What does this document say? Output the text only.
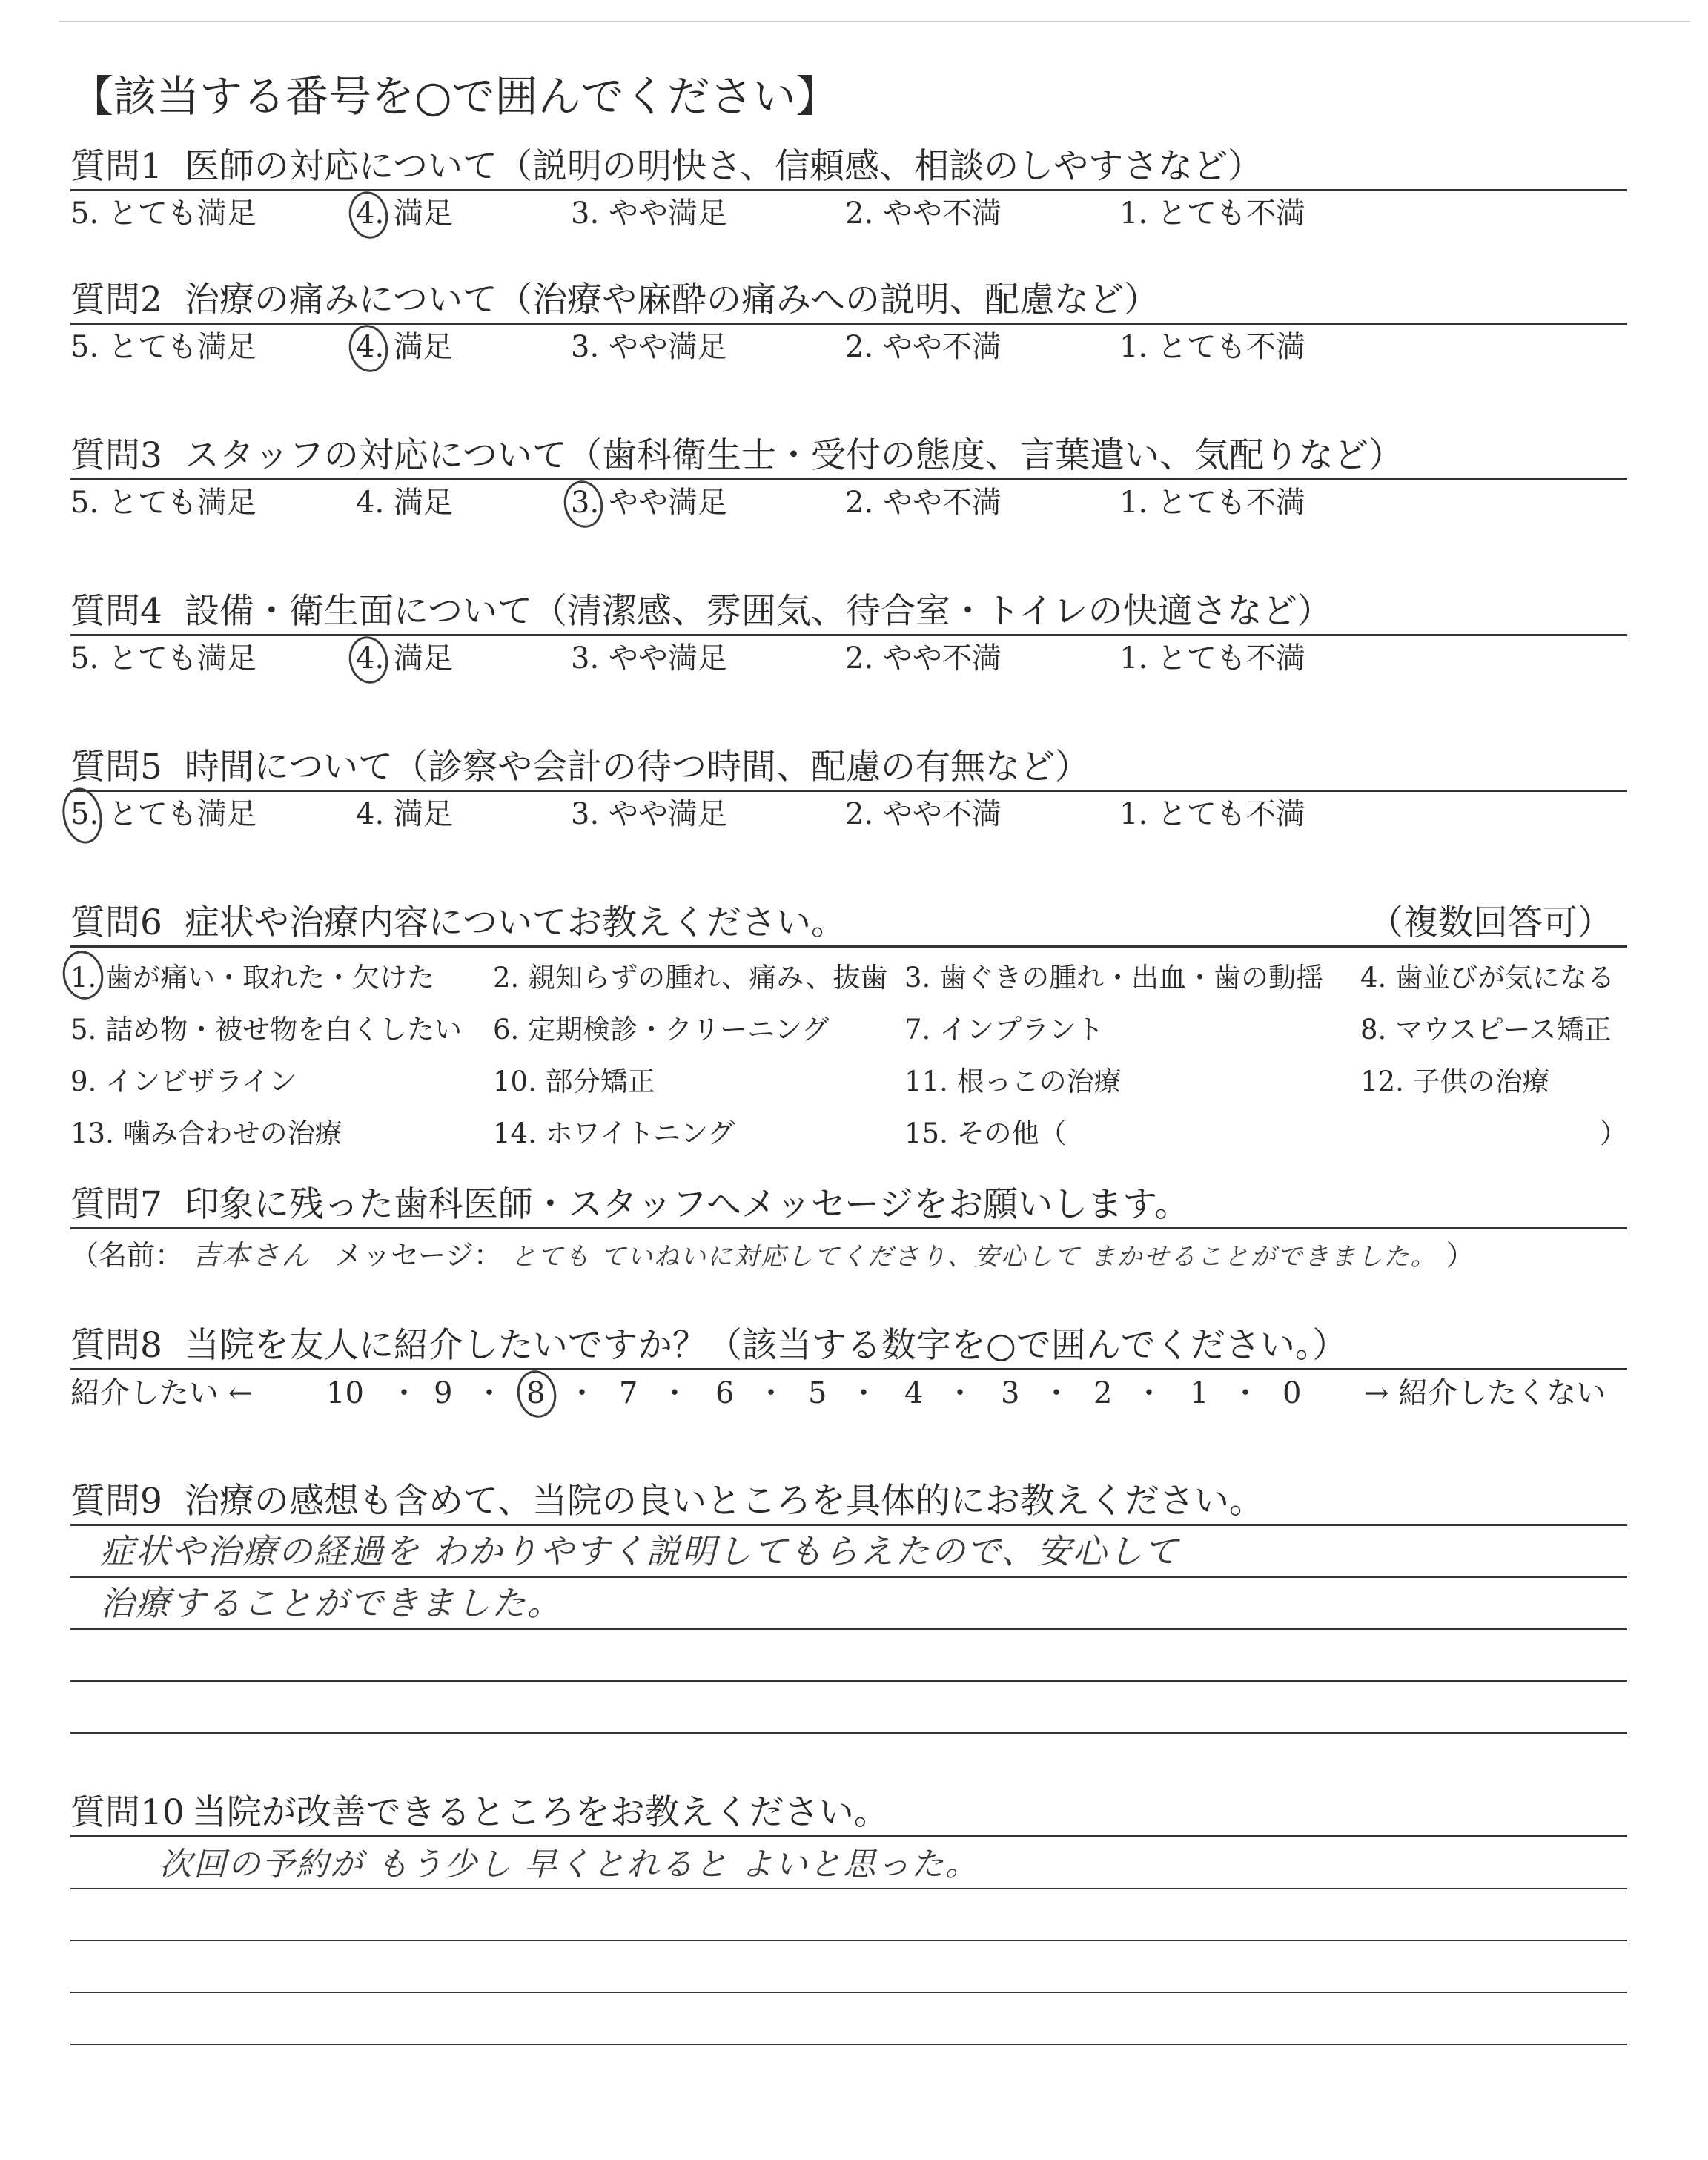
【該当する番号を○で囲んでください】
質問1 医師の対応について（説明の明快さ、信頼感、相談のしやすさなど）
5. とても満足	4. 満足	3. やや満足	2. やや不満	1. とても不満
質問2 治療の痛みについて（治療や麻酔の痛みへの説明、配慮など）
5. とても満足	4. 満足	3. やや満足	2. やや不満	1. とても不満
質問3 スタッフの対応について（歯科衛生士・受付の態度、言葉遣い、気配りなど）
5. とても満足	4. 満足	3. やや満足	2. やや不満	1. とても不満
質問4 設備・衛生面について（清潔感、雰囲気、待合室・トイレの快適さなど）
5. とても満足	4. 満足	3. やや満足	2. やや不満	1. とても不満
質問5 時間について（診察や会計の待つ時間、配慮の有無など）
5. とても満足	4. 満足	3. やや満足	2. やや不満	1. とても不満
質問6 症状や治療内容についてお教えください。	（複数回答可）
1. 歯が痛い・取れた・欠けた 2. 親知らずの腫れ、痛み、抜歯 3. 歯ぐきの腫れ・出血・歯の動揺 4. 歯並びが気になる
5. 詰め物・被せ物を白くしたい 6. 定期検診・クリーニング	7. インプラント	8. マウスピース矯正
9. インビザライン	10. 部分矯正	11. 根っこの治療	12. 子供の治療
13. 噛み合わせの治療	14. ホワイトニング	15. その他（	）
質問7 印象に残った歯科医師・スタッフへメッセージをお願いします。
（名前： 吉本さん メッセージ： とても ていねいに対応してくださり、安心して まかせることができました。 ）
質問8 当院を友人に紹介したいですか？（該当する数字を○で囲んでください。）
紹介したい ← 10 ・ 9 ・ 8 ・ 7 ・ 6 ・ 5 ・ 4 ・ 3 ・ 2 ・ 1 ・ 0 → 紹介したくない
質問9 治療の感想も含めて、当院の良いところを具体的にお教えください。
症状や治療の経過を わかりやすく説明してもらえたので、安心して
治療することができました。
質問10 当院が改善できるところをお教えください。
次回の予約が もう少し 早くとれると よいと思った。
